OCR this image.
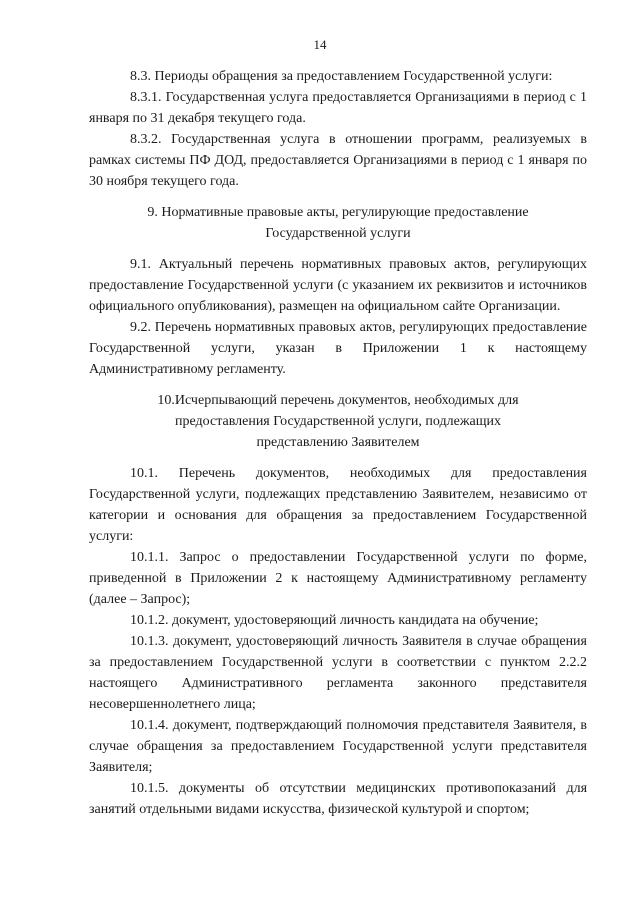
14

8.3. Периоды обращения за предоставлением Государственной услуги:

8.3.1. Государственная услуга предоставляется Организациями в период с 1 января по 31 декабря текущего года.

8.3.2. Государственная услуга в отношении программ, реализуемых в рамках системы ПФ ДОД, предоставляется Организациями в период с 1 января по 30 ноября текущего года.

9. Нормативные правовые акты, регулирующие предоставление
Государственной услуги

9.1. Актуальный перечень нормативных правовых актов, регулирующих предоставление Государственной услуги (с указанием их реквизитов и источников официального опубликования), размещен на официальном сайте Организации.

9.2. Перечень нормативных правовых актов, регулирующих предоставление Государственной услуги, указан в Приложении 1 к настоящему Административному регламенту.

10.Исчерпывающий перечень документов, необходимых для
предоставления Государственной услуги, подлежащих
представлению Заявителем

10.1. Перечень документов, необходимых для предоставления Государственной услуги, подлежащих представлению Заявителем, независимо от категории и основания для обращения за предоставлением Государственной услуги:

10.1.1. Запрос о предоставлении Государственной услуги по форме, приведенной в Приложении 2 к настоящему Административному регламенту (далее – Запрос);

10.1.2. документ, удостоверяющий личность кандидата на обучение;

10.1.3. документ, удостоверяющий личность Заявителя в случае обращения за предоставлением Государственной услуги в соответствии с пунктом 2.2.2 настоящего Административного регламента законного представителя несовершеннолетнего лица;

10.1.4. документ, подтверждающий полномочия представителя Заявителя, в случае обращения за предоставлением Государственной услуги представителя Заявителя;

10.1.5. документы об отсутствии медицинских противопоказаний для занятий отдельными видами искусства, физической культурой и спортом;
